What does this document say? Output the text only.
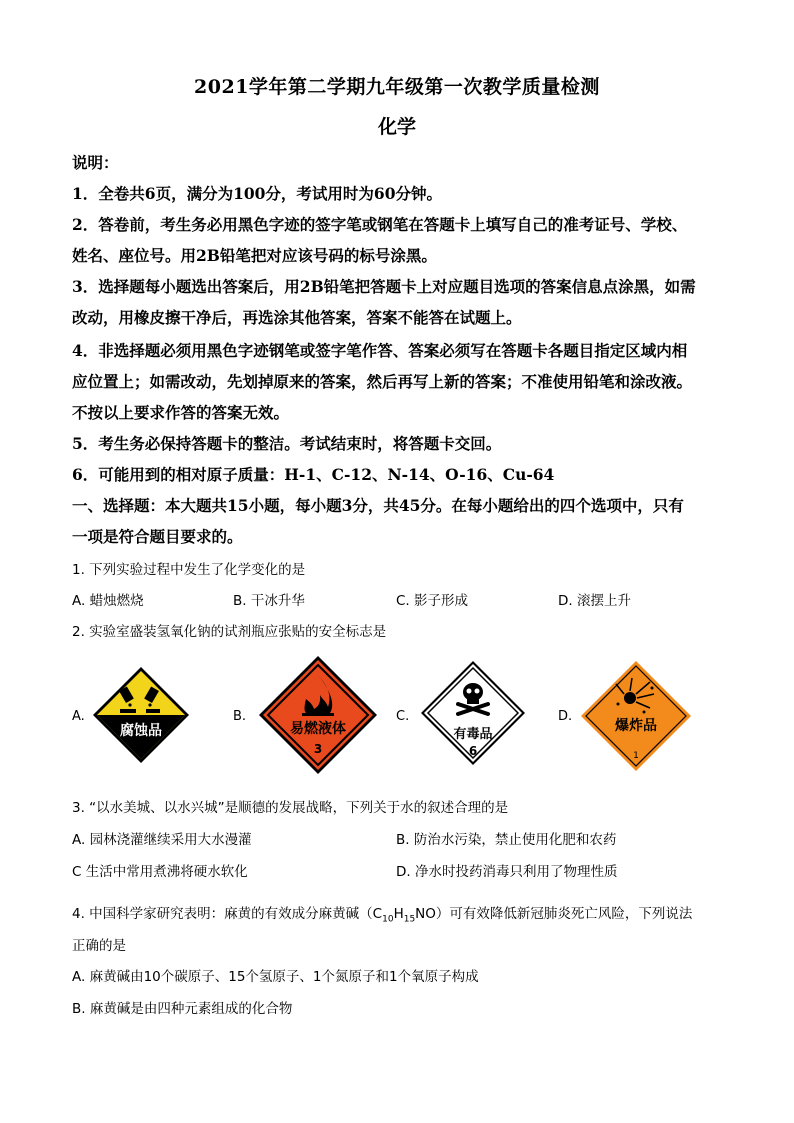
2021学年第二学期九年级第一次教学质量检测
化学
说明：
1．全卷共6页，满分为100分，考试用时为60分钟。
2．答卷前，考生务必用黑色字迹的签字笔或钢笔在答题卡上填写自己的准考证号、学校、
姓名、座位号。用2B铅笔把对应该号码的标号涂黑。
3．选择题每小题选出答案后，用2B铅笔把答题卡上对应题目选项的答案信息点涂黑，如需
改动，用橡皮擦干净后，再选涂其他答案，答案不能答在试题上。
4．非选择题必须用黑色字迹钢笔或签字笔作答、答案必须写在答题卡各题目指定区域内相
应位置上；如需改动，先划掉原来的答案，然后再写上新的答案；不准使用铅笔和涂改液。
不按以上要求作答的答案无效。
5．考生务必保持答题卡的整洁。考试结束时，将答题卡交回。
6．可能用到的相对原子质量：H-1、C-12、N-14、O-16、Cu-64
一、选择题：本大题共15小题，每小题3分，共45分。在每小题给出的四个选项中，只有
一项是符合题目要求的。
1. 下列实验过程中发生了化学变化的是
A. 蜡烛燃烧	B. 干冰升华	C. 影子形成	D. 滚摆上升
2. 实验室盛装氢氧化钠的试剂瓶应张贴的安全标志是
A.	B.	C.	D.
腐蚀品	易燃液体
3
有毒品
6
爆炸品
1
3. “以水美城、以水兴城”是顺德的发展战略，下列关于水的叙述合理的是
A. 园林浇灌继续采用大水漫灌	B. 防治水污染，禁止使用化肥和农药
C 生活中常用煮沸将硬水软化	D. 净水时投药消毒只利用了物理性质
4. 中国科学家研究表明：麻黄的有效成分麻黄碱$(C_{10}H_{15}NO)$可有效降低新冠肺炎死亡风险，下列说法
正确的是
A. 麻黄碱由10个碳原子、15个氢原子、1个氮原子和1个氧原子构成
B. 麻黄碱是由四种元素组成的化合物
